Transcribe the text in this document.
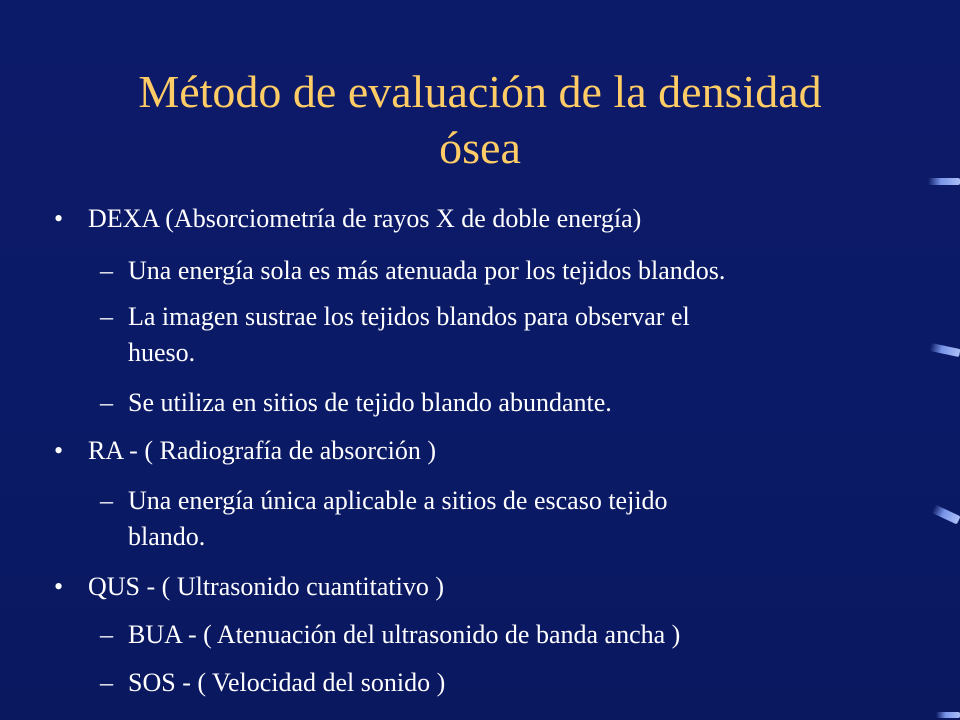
Método de evaluación de la densidad
ósea
• DEXA (Absorciometría de rayos X de doble energía)
– Una energía sola es más atenuada por los tejidos blandos.
– La imagen sustrae los tejidos blandos para observar el
hueso.
– Se utiliza en sitios de tejido blando abundante.
• RA - ( Radiografía de absorción )
– Una energía única aplicable a sitios de escaso tejido
blando.
• QUS - ( Ultrasonido cuantitativo )
– BUA - ( Atenuación del ultrasonido de banda ancha )
– SOS - ( Velocidad del sonido )
